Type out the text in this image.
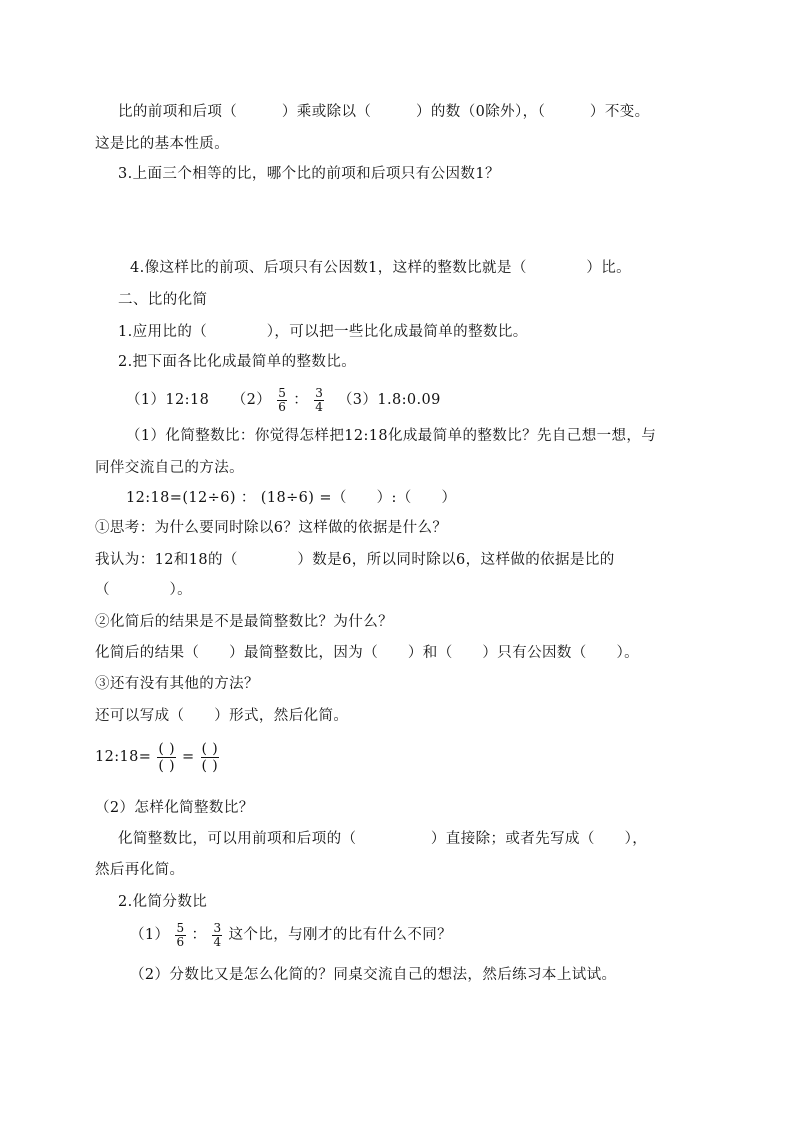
比的前项和后项（　　　）乘或除以（　　　）的数（0除外），（　　　）不变。
这是比的基本性质。
3.上面三个相等的比，哪个比的前项和后项只有公因数1？
4.像这样比的前项、后项只有公因数1，这样的整数比就是（　　　　）比。
二、比的化简
1.应用比的（　　　　），可以把一些比化成最简单的整数比。
2.把下面各比化成最简单的整数比。
（1）12:18　　$(2) \frac{5}{6}$ ： $\frac{3}{4}$ 　（3）1.8:0.09
（1）化简整数比：你觉得怎样把12:18化成最简单的整数比？先自己想一想，与
同伴交流自己的方法。
12:18=(12÷6) ： (18÷6) =（　　）:（　　）
①思考：为什么要同时除以6？这样做的依据是什么？
我认为：12和18的（　　　　）数是6，所以同时除以6，这样做的依据是比的
（　　　　）。
②化简后的结果是不是最简整数比？为什么？
化简后的结果（　　）最简整数比，因为（　　）和（　　）只有公因数（　　）。
③还有没有其他的方法？
还可以写成（　　）形式，然后化简。
12:18= $\frac{( )}{( )} = \frac{( )}{( )}$
（2）怎样化简整数比？
化简整数比，可以用前项和后项的（　　　　　）直接除；或者先写成（　　），
然后再化简。
2.化简分数比
$(1) \frac{5}{6}$ ： $\frac{3}{4}$ 这个比，与刚才的比有什么不同？
（2）分数比又是怎么化简的？同桌交流自己的想法，然后练习本上试试。
